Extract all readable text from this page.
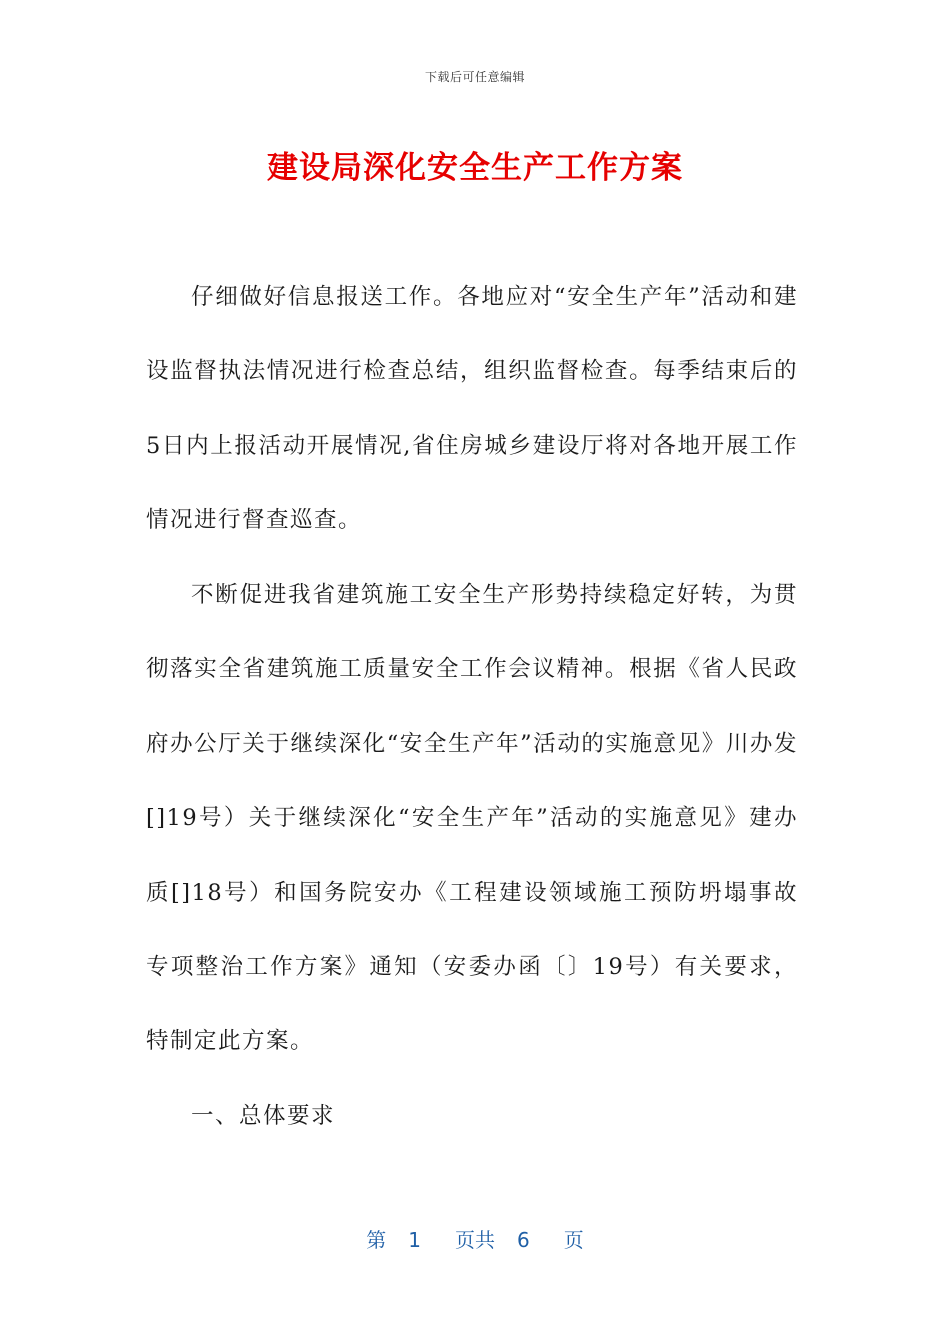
下载后可任意编辑
建设局深化安全生产工作方案

仔细做好信息报送工作。各地应对“安全生产年”活动和建设监督执法情况进行检查总结，组织监督检查。每季结束后的5日内上报活动开展情况,省住房城乡建设厅将对各地开展工作情况进行督查巡查。

不断促进我省建筑施工安全生产形势持续稳定好转，为贯彻落实全省建筑施工质量安全工作会议精神。根据《省人民政府办公厅关于继续深化“安全生产年”活动的实施意见》川办发[]19号）关于继续深化“安全生产年”活动的实施意见》建办质[]18号）和国务院安办《工程建设领域施工预防坍塌事故专项整治工作方案》通知（安委办函〔〕19号）有关要求，特制定此方案。

一、总体要求

第 1 页共 6 页
